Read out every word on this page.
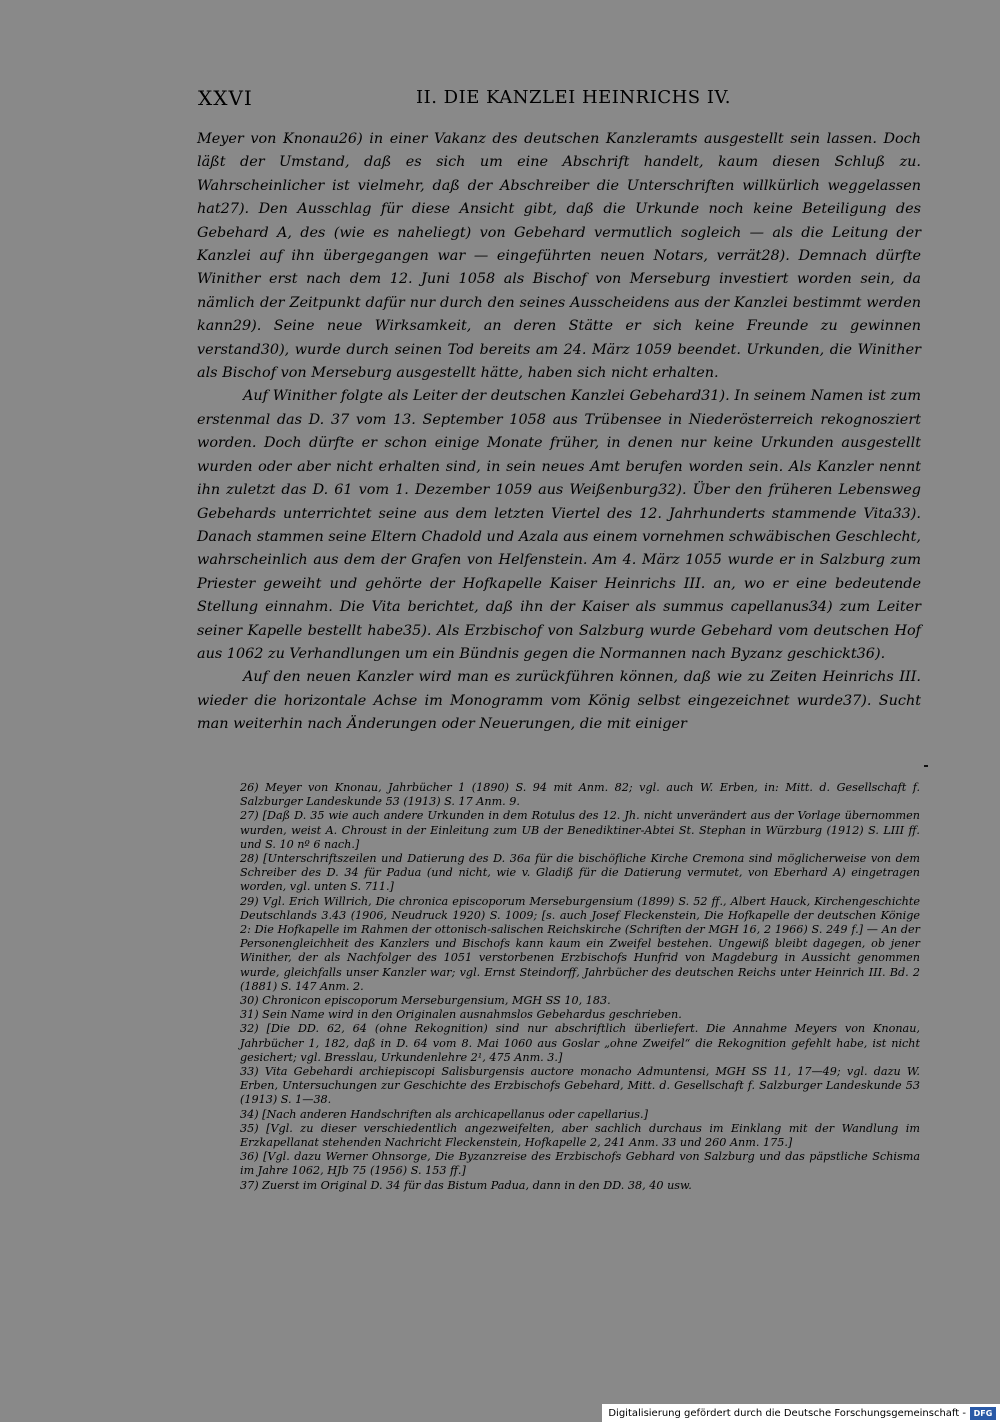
XXVI	II. DIE KANZLEI HEINRICHS IV.

Meyer von Knonau26) in einer Vakanz des deutschen Kanzleramts ausgestellt sein lassen. Doch läßt der Umstand, daß es sich um eine Abschrift handelt, kaum diesen Schluß zu. Wahrscheinlicher ist vielmehr, daß der Abschreiber die Unterschriften willkürlich weggelassen hat27). Den Ausschlag für diese Ansicht gibt, daß die Urkunde noch keine Beteiligung des Gebehard A, des (wie es naheliegt) von Gebehard vermutlich sogleich — als die Leitung der Kanzlei auf ihn übergegangen war — eingeführten neuen Notars, verrät28). Demnach dürfte Winither erst nach dem 12. Juni 1058 als Bischof von Merseburg investiert worden sein, da nämlich der Zeitpunkt dafür nur durch den seines Ausscheidens aus der Kanzlei bestimmt werden kann29). Seine neue Wirksamkeit, an deren Stätte er sich keine Freunde zu gewinnen verstand30), wurde durch seinen Tod bereits am 24. März 1059 beendet. Urkunden, die Winither als Bischof von Merseburg ausgestellt hätte, haben sich nicht erhalten.

Auf Winither folgte als Leiter der deutschen Kanzlei Gebehard31). In seinem Namen ist zum erstenmal das D. 37 vom 13. September 1058 aus Trübensee in Niederösterreich rekognosziert worden. Doch dürfte er schon einige Monate früher, in denen nur keine Urkunden ausgestellt wurden oder aber nicht erhalten sind, in sein neues Amt berufen worden sein. Als Kanzler nennt ihn zuletzt das D. 61 vom 1. Dezember 1059 aus Weißenburg32). Über den früheren Lebensweg Gebehards unterrichtet seine aus dem letzten Viertel des 12. Jahrhunderts stammende Vita33). Danach stammen seine Eltern Chadold und Azala aus einem vornehmen schwäbischen Geschlecht, wahrscheinlich aus dem der Grafen von Helfenstein. Am 4. März 1055 wurde er in Salzburg zum Priester geweiht und gehörte der Hofkapelle Kaiser Heinrichs III. an, wo er eine bedeutende Stellung einnahm. Die Vita berichtet, daß ihn der Kaiser als summus capellanus34) zum Leiter seiner Kapelle bestellt habe35). Als Erzbischof von Salzburg wurde Gebehard vom deutschen Hof aus 1062 zu Verhandlungen um ein Bündnis gegen die Normannen nach Byzanz geschickt36).

Auf den neuen Kanzler wird man es zurückführen können, daß wie zu Zeiten Heinrichs III. wieder die horizontale Achse im Monogramm vom König selbst eingezeichnet wurde37). Sucht man weiterhin nach Änderungen oder Neuerungen, die mit einiger

26) Meyer von Knonau, Jahrbücher 1 (1890) S. 94 mit Anm. 82; vgl. auch W. Erben, in: Mitt. d. Gesellschaft f. Salzburger Landeskunde 53 (1913) S. 17 Anm. 9.

27) [Daß D. 35 wie auch andere Urkunden in dem Rotulus des 12. Jh. nicht unverändert aus der Vorlage übernommen wurden, weist A. Chroust in der Einleitung zum UB der Benediktiner-Abtei St. Stephan in Würzburg (1912) S. LIII ff. und S. 10 nº 6 nach.]

28) [Unterschriftszeilen und Datierung des D. 36a für die bischöfliche Kirche Cremona sind möglicherweise von dem Schreiber des D. 34 für Padua (und nicht, wie v. Gladiß für die Datierung vermutet, von Eberhard A) eingetragen worden, vgl. unten S. 711.]

29) Vgl. Erich Willrich, Die chronica episcoporum Merseburgensium (1899) S. 52 ff., Albert Hauck, Kirchengeschichte Deutschlands 3.43 (1906, Neudruck 1920) S. 1009; [s. auch Josef Fleckenstein, Die Hofkapelle der deutschen Könige 2: Die Hofkapelle im Rahmen der ottonisch-salischen Reichskirche (Schriften der MGH 16, 2 1966) S. 249 f.] — An der Personengleichheit des Kanzlers und Bischofs kann kaum ein Zweifel bestehen. Ungewiß bleibt dagegen, ob jener Winither, der als Nachfolger des 1051 verstorbenen Erzbischofs Hunfrid von Magdeburg in Aussicht genommen wurde, gleichfalls unser Kanzler war; vgl. Ernst Steindorff, Jahrbücher des deutschen Reichs unter Heinrich III. Bd. 2 (1881) S. 147 Anm. 2.

30) Chronicon episcoporum Merseburgensium, MGH SS 10, 183.

31) Sein Name wird in den Originalen ausnahmslos Gebehardus geschrieben.

32) [Die DD. 62, 64 (ohne Rekognition) sind nur abschriftlich überliefert. Die Annahme Meyers von Knonau, Jahrbücher 1, 182, daß in D. 64 vom 8. Mai 1060 aus Goslar „ohne Zweifel“ die Rekognition gefehlt habe, ist nicht gesichert; vgl. Bresslau, Urkundenlehre 2¹, 475 Anm. 3.]

33) Vita Gebehardi archiepiscopi Salisburgensis auctore monacho Admuntensi, MGH SS 11, 17—49; vgl. dazu W. Erben, Untersuchungen zur Geschichte des Erzbischofs Gebehard, Mitt. d. Gesellschaft f. Salzburger Landeskunde 53 (1913) S. 1—38.

34) [Nach anderen Handschriften als archicapellanus oder capellarius.]

35) [Vgl. zu dieser verschiedentlich angezweifelten, aber sachlich durchaus im Einklang mit der Wandlung im Erzkapellanat stehenden Nachricht Fleckenstein, Hofkapelle 2, 241 Anm. 33 und 260 Anm. 175.]

36) [Vgl. dazu Werner Ohnsorge, Die Byzanzreise des Erzbischofs Gebhard von Salzburg und das päpstliche Schisma im Jahre 1062, HJb 75 (1956) S. 153 ff.]

37) Zuerst im Original D. 34 für das Bistum Padua, dann in den DD. 38, 40 usw.

Digitalisierung gefördert durch die Deutsche Forschungsgemeinschaft - DFG
